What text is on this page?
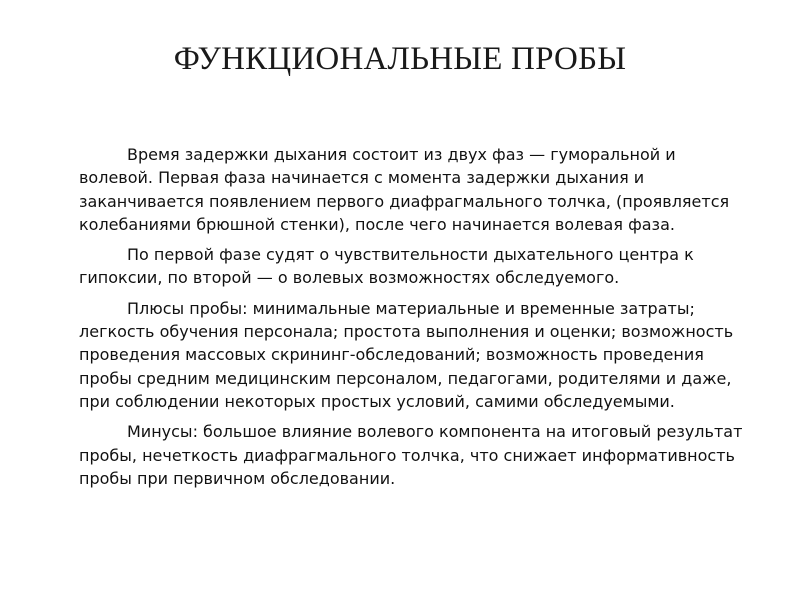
ФУНКЦИОНАЛЬНЫЕ ПРОБЫ

Время задержки дыхания состоит из двух фаз — гуморальной и волевой. Первая фаза начинается с момента задержки дыхания и заканчивается появлением первого диафрагмального толчка, (проявляется колебаниями брюшной стенки), после чего начинается волевая фаза.

По первой фазе судят о чувствительности дыхательного центра к гипоксии, по второй — о волевых возможностях обследуемого.

Плюсы пробы: минимальные материальные и временные затраты; легкость обучения персонала; простота выполнения и оценки; возможность проведения массовых скрининг-обследований; возможность проведения пробы средним медицинским персоналом, педагогами, родителями и даже, при соблюдении некоторых простых условий, самими обследуемыми.

Минусы: большое влияние волевого компонента на итоговый результат пробы, нечеткость диафрагмального толчка, что снижает информативность пробы при первичном обследовании.
